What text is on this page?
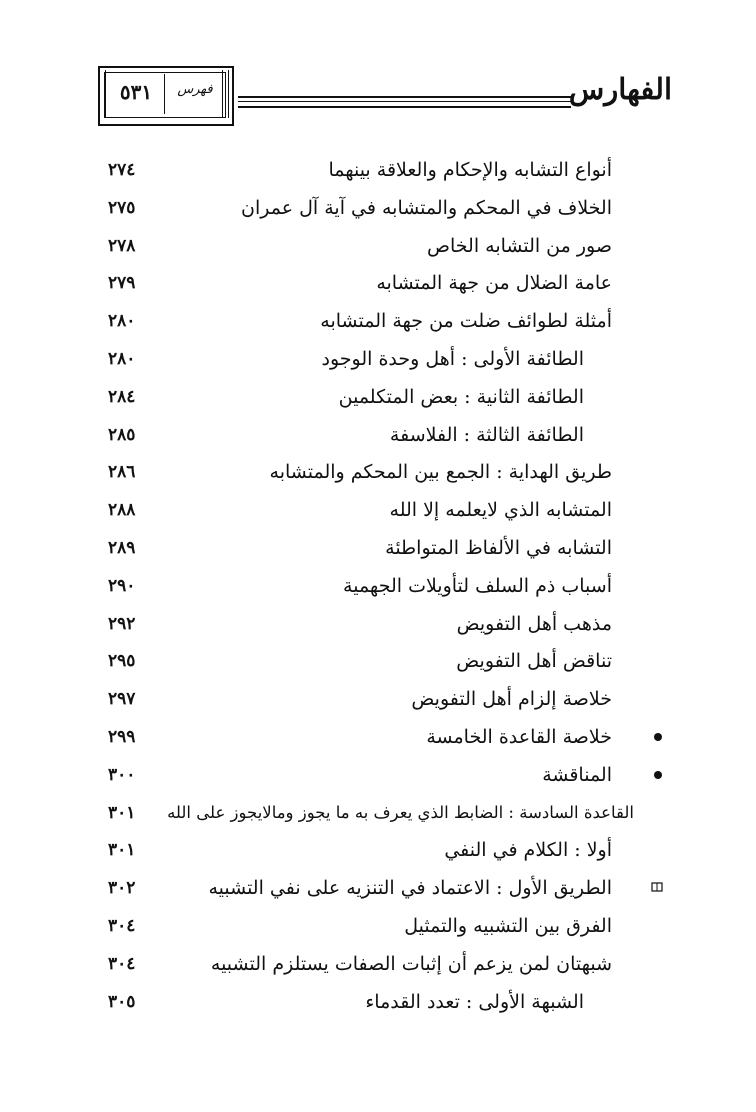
الفهارس
٥٣١	فهرس
أنواع التشابه والإحكام والعلاقة بينهما
٢٧٤
الخلاف في المحكم والمتشابه في آية آل عمران
٢٧٥
صور من التشابه الخاص
٢٧٨
عامة الضلال من جهة المتشابه
٢٧٩
أمثلة لطوائف ضلت من جهة المتشابه
٢٨٠
الطائفة الأولى : أهل وحدة الوجود
٢٨٠
الطائفة الثانية : بعض المتكلمين
٢٨٤
الطائفة الثالثة : الفلاسفة
٢٨٥
طريق الهداية : الجمع بين المحكم والمتشابه
٢٨٦
المتشابه الذي لايعلمه إلا الله
٢٨٨
التشابه في الألفاظ المتواطئة
٢٨٩
أسباب ذم السلف لتأويلات الجهمية
٢٩٠
مذهب أهل التفويض
٢٩٢
تناقض أهل التفويض
٢٩٥
خلاصة إلزام أهل التفويض
٢٩٧
خلاصة القاعدة الخامسة
٢٩٩
المناقشة
٣٠٠
القاعدة السادسة : الضابط الذي يعرف به ما يجوز ومالايجوز على الله
٣٠١
أولا : الكلام في النفي
٣٠١
الطريق الأول : الاعتماد في التنزيه على نفي التشبيه
٣٠٢
الفرق بين التشبيه والتمثيل
٣٠٤
شبهتان لمن يزعم أن إثبات الصفات يستلزم التشبيه
٣٠٤
الشبهة الأولى : تعدد القدماء
٣٠٥
